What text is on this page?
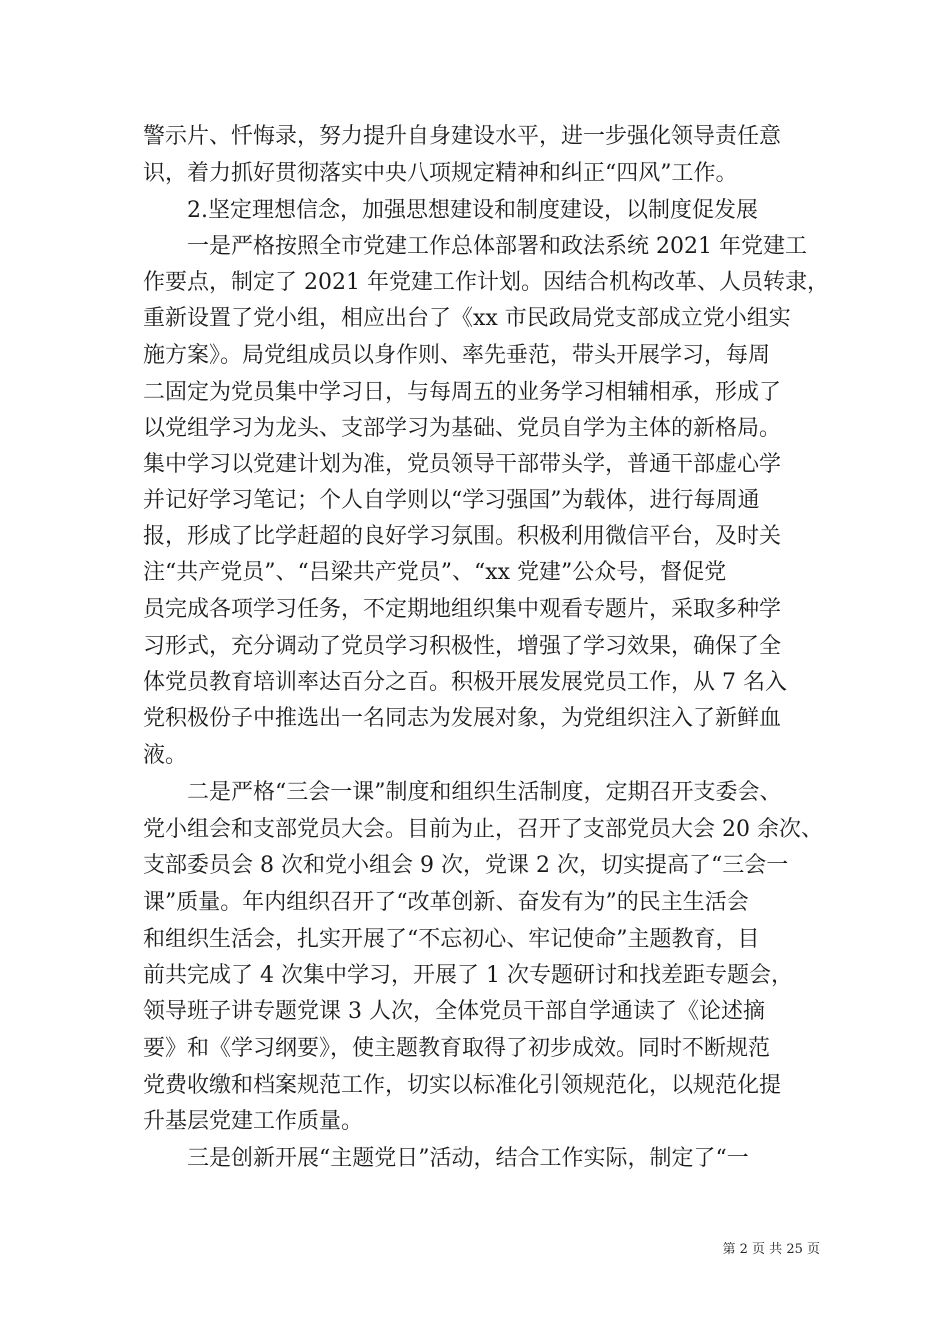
警示片、忏悔录，努力提升自身建设水平，进一步强化领导责任意
识，着力抓好贯彻落实中央八项规定精神和纠正“四风”工作。
　　2.坚定理想信念，加强思想建设和制度建设，以制度促发展
　　一是严格按照全市党建工作总体部署和政法系统 2021 年党建工
作要点，制定了 2021 年党建工作计划。因结合机构改革、人员转隶，
重新设置了党小组，相应出台了《xx 市民政局党支部成立党小组实
施方案》。局党组成员以身作则、率先垂范，带头开展学习，每周
二固定为党员集中学习日，与每周五的业务学习相辅相承，形成了
以党组学习为龙头、支部学习为基础、党员自学为主体的新格局。
集中学习以党建计划为准，党员领导干部带头学，普通干部虚心学
并记好学习笔记；个人自学则以“学习强国”为载体，进行每周通
报，形成了比学赶超的良好学习氛围。积极利用微信平台，及时关
注“共产党员”、“吕梁共产党员”、“xx 党建”公众号，督促党
员完成各项学习任务，不定期地组织集中观看专题片，采取多种学
习形式，充分调动了党员学习积极性，增强了学习效果，确保了全
体党员教育培训率达百分之百。积极开展发展党员工作，从 7 名入
党积极份子中推选出一名同志为发展对象，为党组织注入了新鲜血
液。
　　二是严格“三会一课”制度和组织生活制度，定期召开支委会、
党小组会和支部党员大会。目前为止，召开了支部党员大会 20 余次、
支部委员会 8 次和党小组会 9 次，党课 2 次，切实提高了“三会一
课”质量。年内组织召开了“改革创新、奋发有为”的民主生活会
和组织生活会，扎实开展了“不忘初心、牢记使命”主题教育，目
前共完成了 4 次集中学习，开展了 1 次专题研讨和找差距专题会，
领导班子讲专题党课 3 人次，全体党员干部自学通读了《论述摘
要》和《学习纲要》，使主题教育取得了初步成效。同时不断规范
党费收缴和档案规范工作，切实以标准化引领规范化，以规范化提
升基层党建工作质量。
　　三是创新开展“主题党日”活动，结合工作实际，制定了“一
第 2 页 共 25 页
